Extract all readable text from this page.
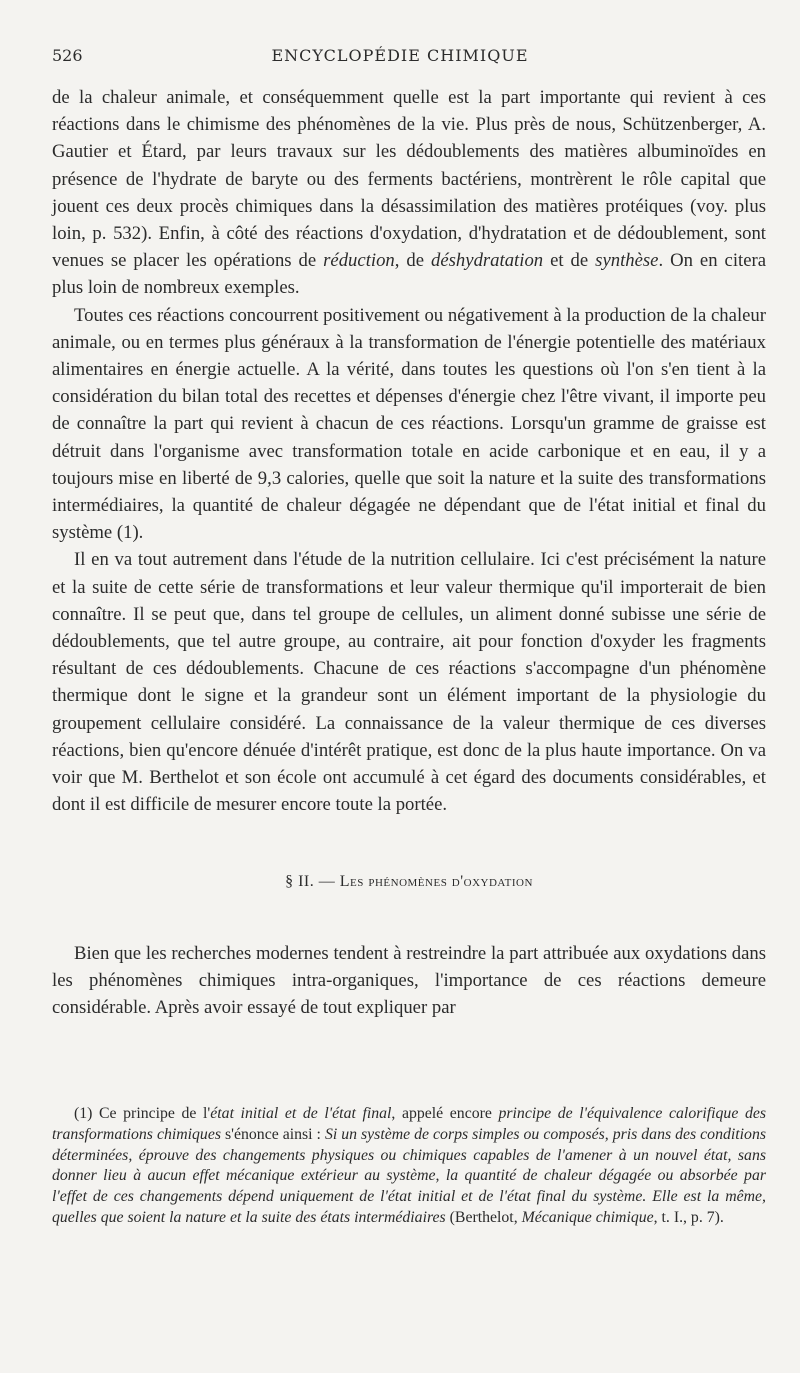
526	ENCYCLOPÉDIE CHIMIQUE

de la chaleur animale, et conséquemment quelle est la part importante qui revient à ces réactions dans le chimisme des phénomènes de la vie. Plus près de nous, Schützenberger, A. Gautier et Étard, par leurs travaux sur les dédoublements des matières albuminoïdes en présence de l'hydrate de baryte ou des ferments bactériens, montrèrent le rôle capital que jouent ces deux procès chimiques dans la désassimilation des matières protéiques (voy. plus loin, p. 532). Enfin, à côté des réactions d'oxydation, d'hydratation et de dédoublement, sont venues se placer les opérations de réduction, de déshydratation et de synthèse. On en citera plus loin de nombreux exemples.

Toutes ces réactions concourrent positivement ou négativement à la production de la chaleur animale, ou en termes plus généraux à la transformation de l'énergie potentielle des matériaux alimentaires en énergie actuelle. A la vérité, dans toutes les questions où l'on s'en tient à la considération du bilan total des recettes et dépenses d'énergie chez l'être vivant, il importe peu de connaître la part qui revient à chacun de ces réactions. Lorsqu'un gramme de graisse est détruit dans l'organisme avec transformation totale en acide carbonique et en eau, il y a toujours mise en liberté de 9,3 calories, quelle que soit la nature et la suite des transformations intermédiaires, la quantité de chaleur dégagée ne dépendant que de l'état initial et final du système (1).

Il en va tout autrement dans l'étude de la nutrition cellulaire. Ici c'est précisément la nature et la suite de cette série de transformations et leur valeur thermique qu'il importerait de bien connaître. Il se peut que, dans tel groupe de cellules, un aliment donné subisse une série de dédoublements, que tel autre groupe, au contraire, ait pour fonction d'oxyder les fragments résultant de ces dédoublements. Chacune de ces réactions s'accompagne d'un phénomène thermique dont le signe et la grandeur sont un élément important de la physiologie du groupement cellulaire considéré. La connaissance de la valeur thermique de ces diverses réactions, bien qu'encore dénuée d'intérêt pratique, est donc de la plus haute importance. On va voir que M. Berthelot et son école ont accumulé à cet égard des documents considérables, et dont il est difficile de mesurer encore toute la portée.

§ II. — Les phénomènes d'oxydation

Bien que les recherches modernes tendent à restreindre la part attribuée aux oxydations dans les phénomènes chimiques intra-organiques, l'importance de ces réactions demeure considérable. Après avoir essayé de tout expliquer par

(1) Ce principe de l'état initial et de l'état final, appelé encore principe de l'équivalence calorifique des transformations chimiques s'énonce ainsi : Si un système de corps simples ou composés, pris dans des conditions déterminées, éprouve des changements physiques ou chimiques capables de l'amener à un nouvel état, sans donner lieu à aucun effet mécanique extérieur au système, la quantité de chaleur dégagée ou absorbée par l'effet de ces changements dépend uniquement de l'état initial et de l'état final du système. Elle est la même, quelles que soient la nature et la suite des états intermédiaires (Berthelot, Mécanique chimique, t. I., p. 7).
